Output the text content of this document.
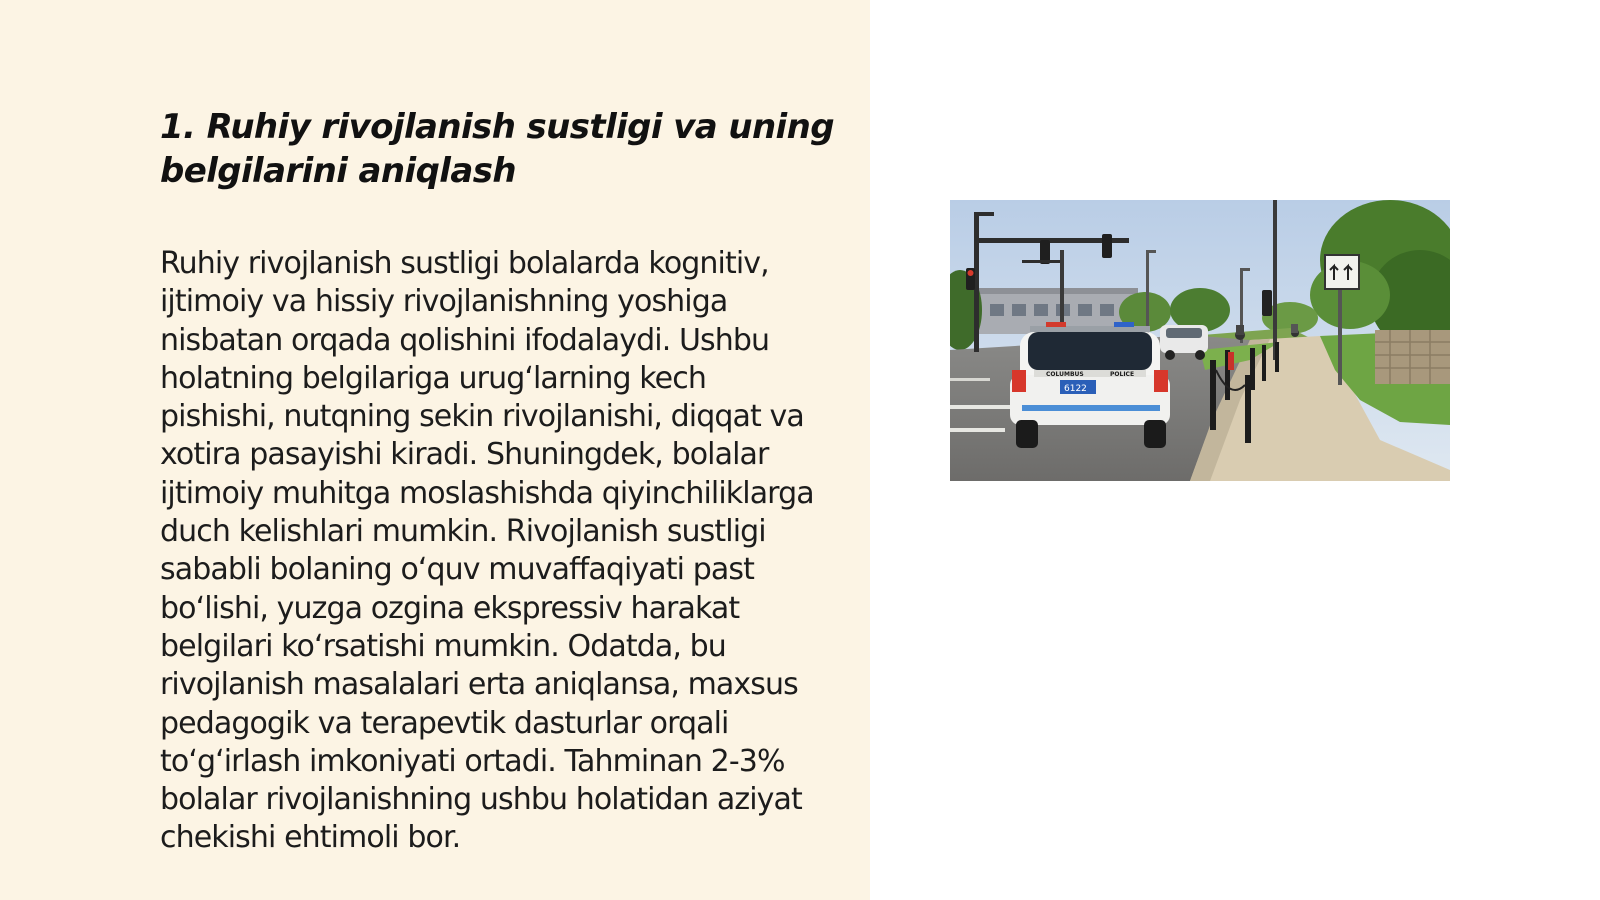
1. Ruhiy rivojlanish sustligi va uning belgilarini aniqlash

Ruhiy rivojlanish sustligi bolalarda kognitiv, ijtimoiy va hissiy rivojlanishning yoshiga nisbatan orqada qolishini ifodalaydi. Ushbu holatning belgilariga urug‘larning kech pishishi, nutqning sekin rivojlanishi, diqqat va xotira pasayishi kiradi. Shuningdek, bolalar ijtimoiy muhitga moslashishda qiyinchiliklarga duch kelishlari mumkin. Rivojlanish sustligi sababli bolaning o‘quv muvaffaqiyati past bo‘lishi, yuzga ozgina ekspressiv harakat belgilari ko‘rsatishi mumkin. Odatda, bu rivojlanish masalalari erta aniqlansa, maxsus pedagogik va terapevtik dasturlar orqali to‘g‘irlash imkoniyati ortadi. Tahminan 2-3% bolalar rivojlanishning ushbu holatidan aziyat chekishi ehtimoli bor.

COLUMBUS	POLICE
6122
